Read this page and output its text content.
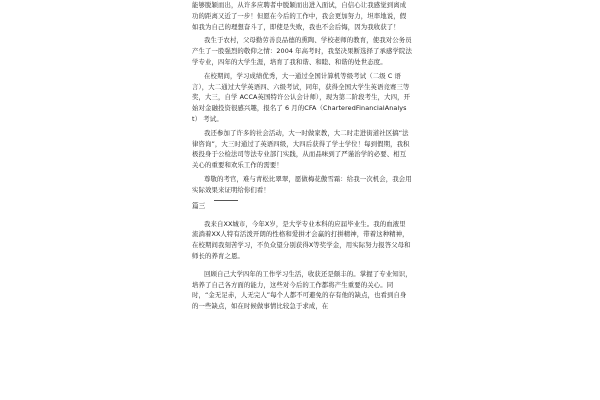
能够脱颖而出，从许多应聘者中脱颖而出进入面试，自信心让我感觉到离成功的距离又近了一步！但愿在今后的工作中，我会更加努力，坦率地说，假如我为自己的理想奋斗了，即使是失败，我也不会后悔，因为我收获了！

我生于农村，父母勤劳善良品德的熏陶、学校老师的教育，使我对公务员产生了一股强烈的敬仰之情：2004 年高考时，我坚决果断选择了承感学院法学专业，四年的大学生涯，培育了我和谐、和睦、和谐的处世态度。

在校期间，学习成绩优秀，大一通过全国计算机等级考试（二级 C 语言），大二通过大学英语四、六级考试，同年，获得全国大学生英语竞赛三等奖，大三，自学 ACCA英国特许公认会计师），现为第二阶段考生，大四，开始对金融投资很感兴趣，报名了 6 月的CFA（CharteredFinancialAnalyst） 考试。

我还参加了许多的社会活动，大一时做家教，大二时走进街道社区搞“法律咨询”，大三时通过了英语四级，大四后获得了学士学位！每到假期，我积极投身于公检法司等法专业部门实践，从而品味到了严谨治学的必要、相互关心的重要和欢乐工作的需要！

尊敬的考官，难与青松比翠翠，愿做梅花傲雪霜：给我一次机会，我会用实际效果来证明给你们看！

篇三

我来自XX城市，今年X岁，是大学专业本科的应届毕业生。我的血液里流淌着XX人特有活泼开朗的性格和爱拼才会赢的打拼精神，带着这种精神，在校期间我刻苦学习，不负众望分别获得X等奖学金，用实际努力报答父母和师长的养育之恩。

回顾自己大学四年的工作学习生活，收获还是颇丰的。掌握了专业知识，培养了自己各方面的能力，这些对今后的工作都将产生重要的关心。同时，“金无足赤，人无完人”每个人都不可避免的存有他的缺点，也看到自身的一些缺点，如在时候做事情比较急于求成，在
